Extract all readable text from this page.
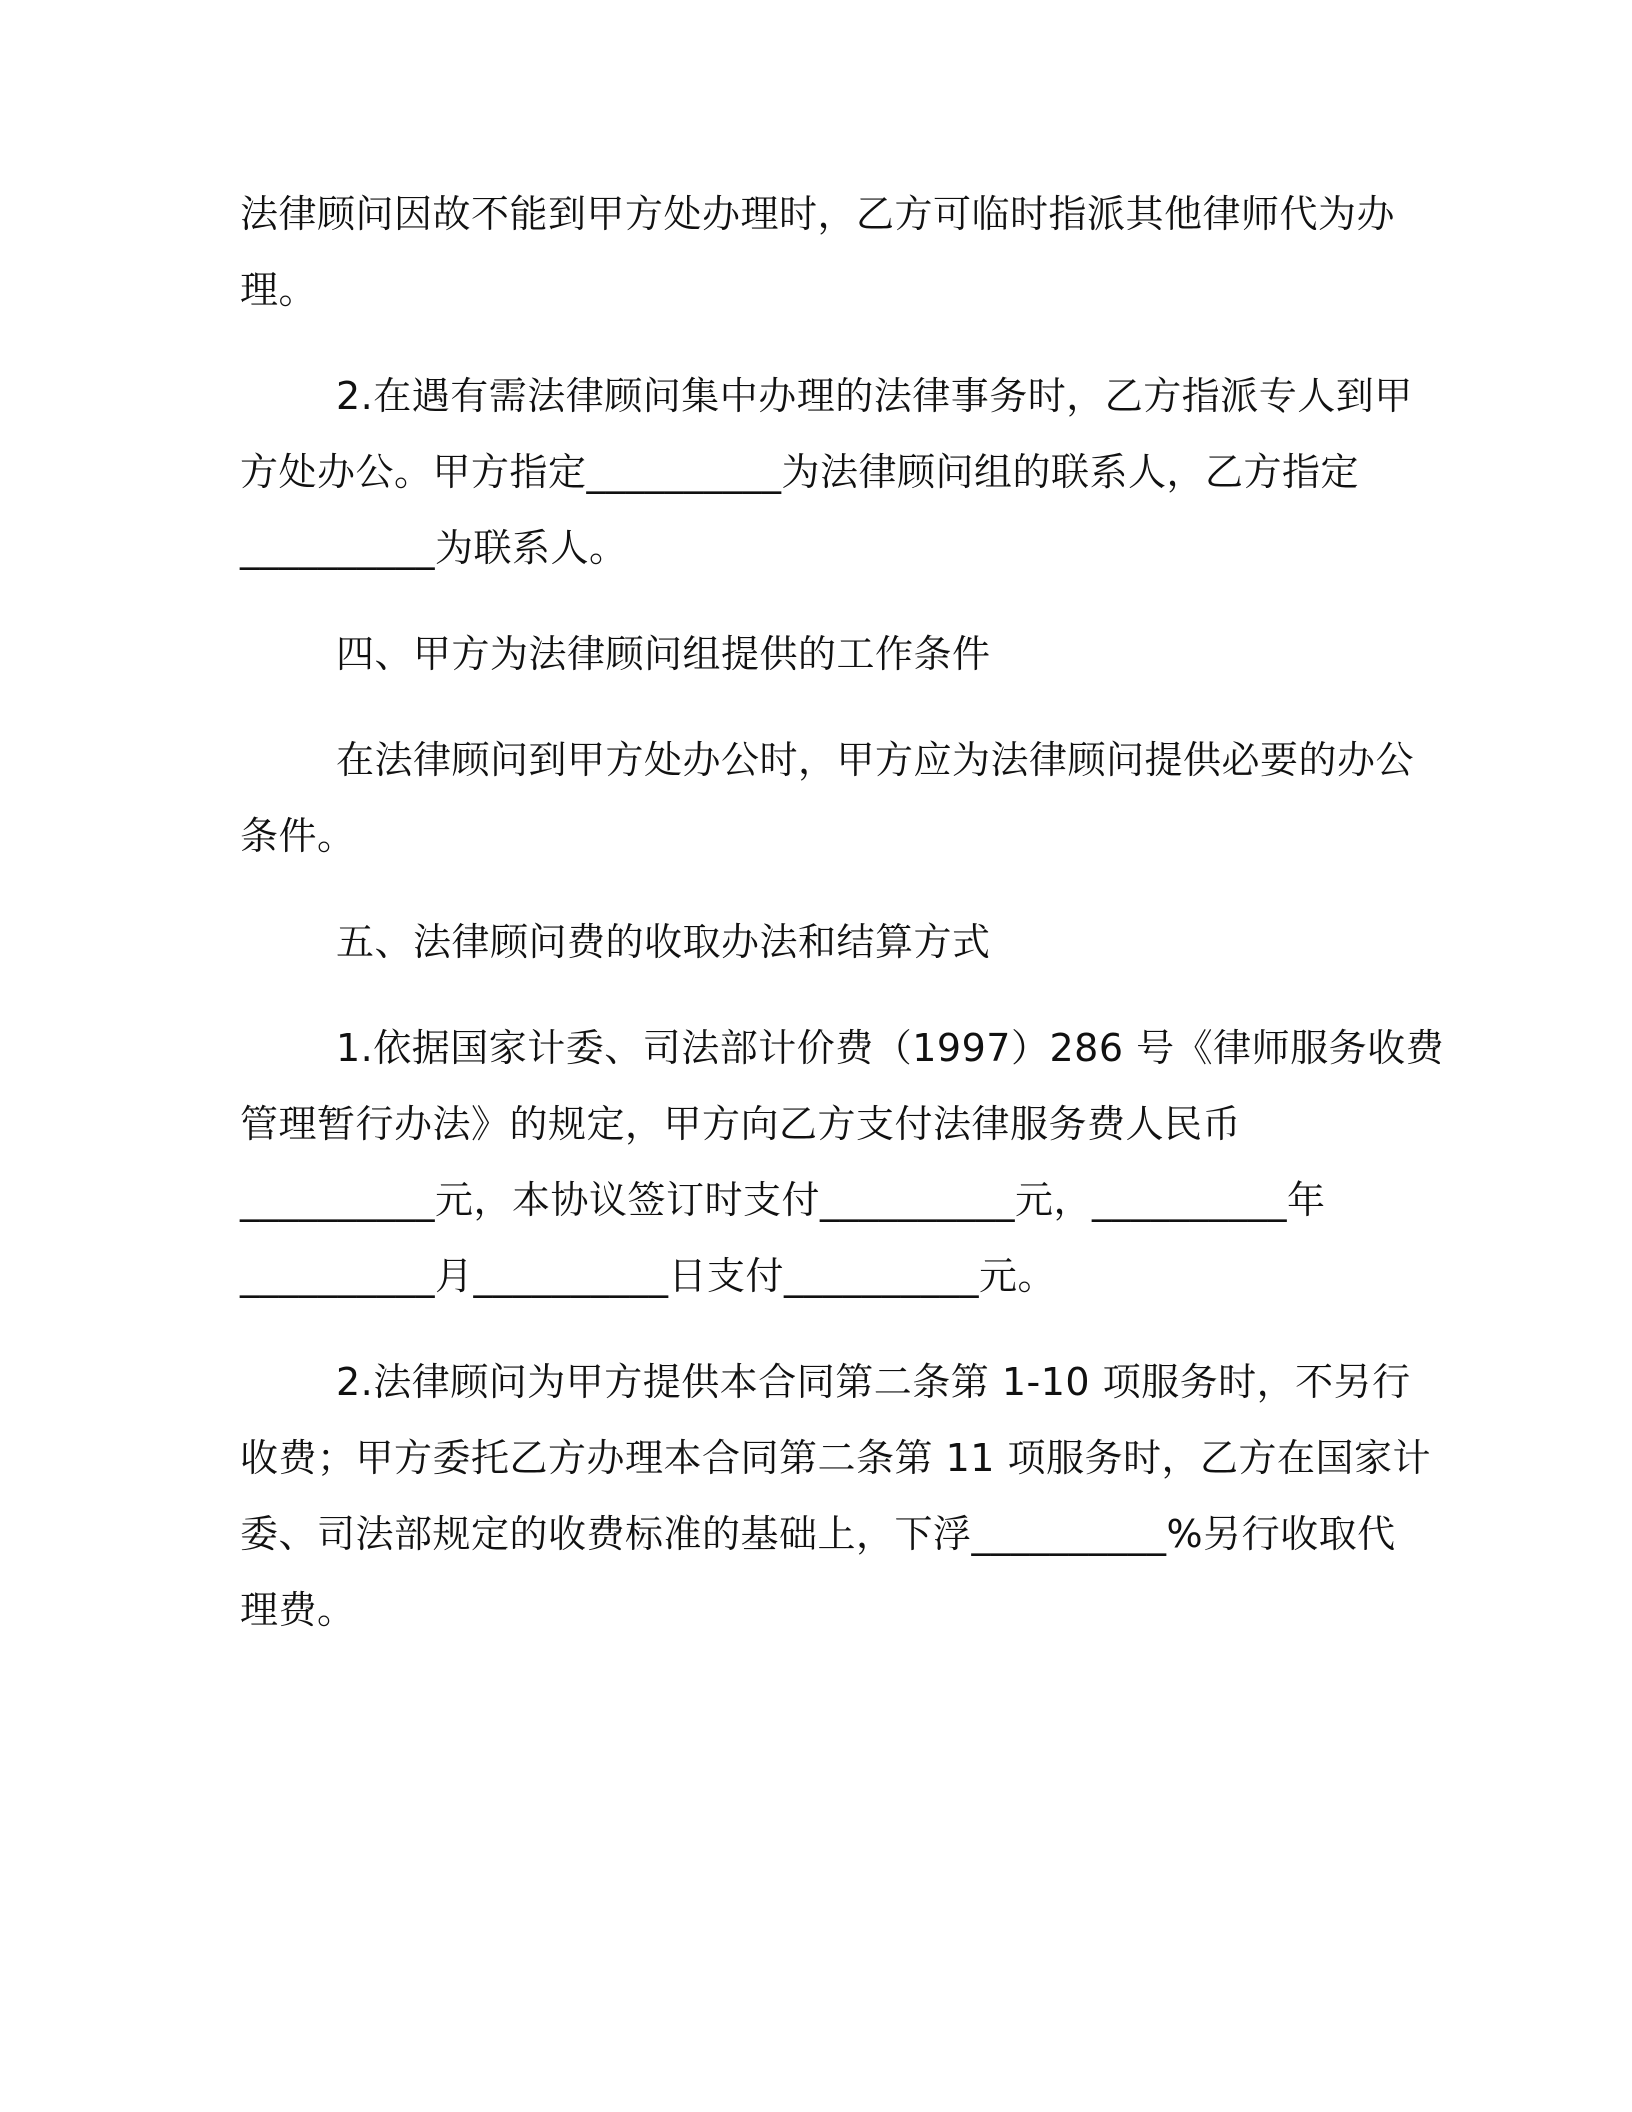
法律顾问因故不能到甲方处办理时，乙方可临时指派其他律师代为办
理。
2.在遇有需法律顾问集中办理的法律事务时，乙方指派专人到甲
方处办公。甲方指定__________为法律顾问组的联系人，乙方指定
__________为联系人。
四、甲方为法律顾问组提供的工作条件
在法律顾问到甲方处办公时，甲方应为法律顾问提供必要的办公
条件。
五、法律顾问费的收取办法和结算方式
1.依据国家计委、司法部计价费（1997）286 号《律师服务收费
管理暂行办法》的规定，甲方向乙方支付法律服务费人民币
__________元，本协议签订时支付__________元，__________年
__________月__________日支付__________元。
2.法律顾问为甲方提供本合同第二条第 1-10 项服务时，不另行
收费；甲方委托乙方办理本合同第二条第 11 项服务时，乙方在国家计
委、司法部规定的收费标准的基础上，下浮__________%另行收取代
理费。
